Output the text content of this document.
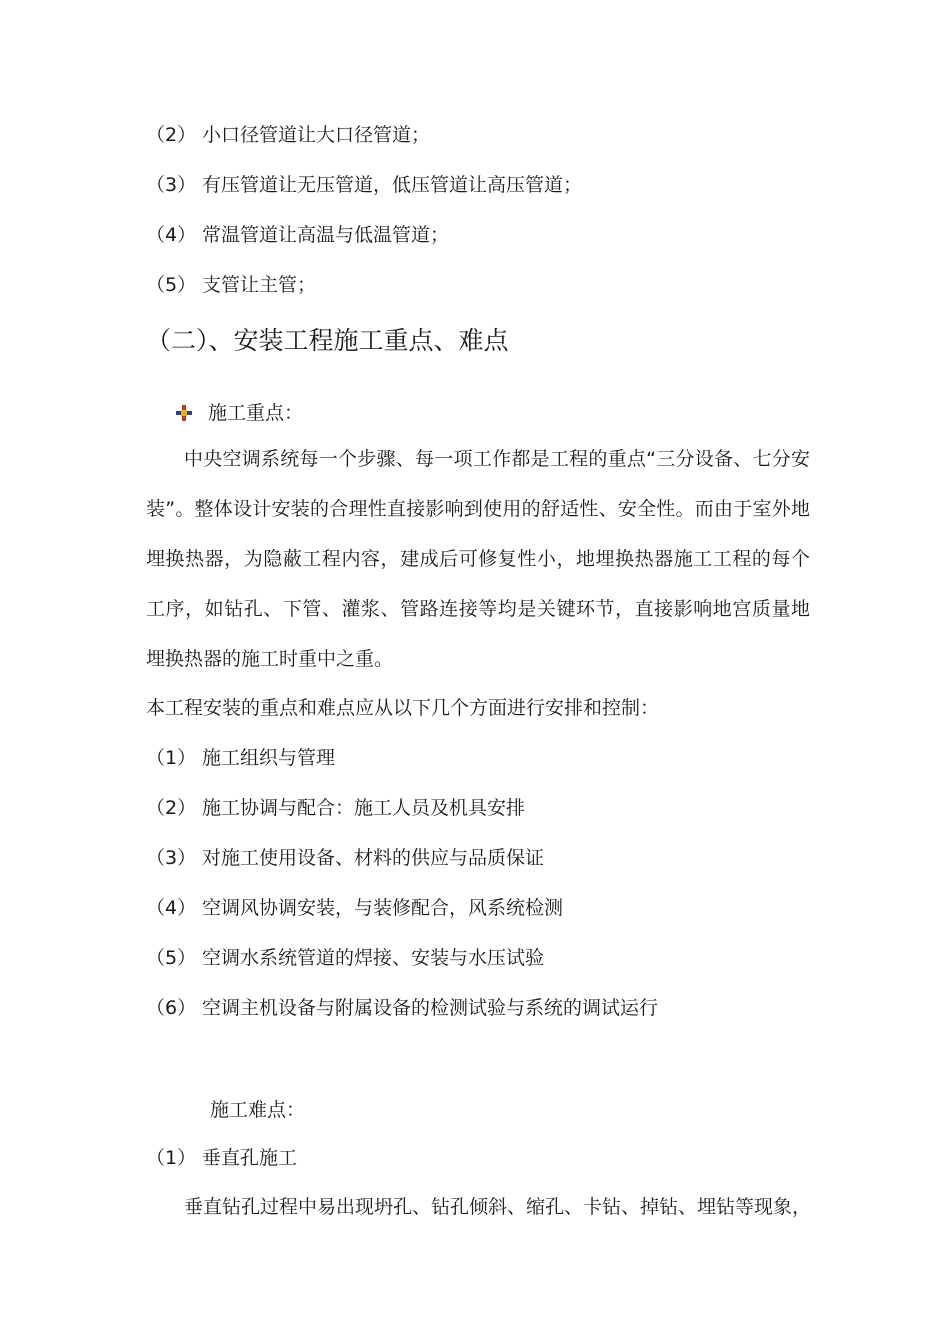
（2） 小口径管道让大口径管道；
（3） 有压管道让无压管道，低压管道让高压管道；
（4） 常温管道让高温与低温管道；
（5） 支管让主管；
（二）、安装工程施工重点、难点
施工重点：
中央空调系统每一个步骤、每一项工作都是工程的重点“三分设备、七分安装”。整体设计安装的合理性直接影响到使用的舒适性、安全性。而由于室外地埋换热器，为隐蔽工程内容，建成后可修复性小，地埋换热器施工工程的每个工序，如钻孔、下管、灌浆、管路连接等均是关键环节，直接影响地宫质量地埋换热器的施工时重中之重。
本工程安装的重点和难点应从以下几个方面进行安排和控制：
（1） 施工组织与管理
（2） 施工协调与配合：施工人员及机具安排
（3） 对施工使用设备、材料的供应与品质保证
（4） 空调风协调安装，与装修配合，风系统检测
（5） 空调水系统管道的焊接、安装与水压试验
（6） 空调主机设备与附属设备的检测试验与系统的调试运行
施工难点：
（1） 垂直孔施工
垂直钻孔过程中易出现坍孔、钻孔倾斜、缩孔、卡钻、掉钻、埋钻等现象，
